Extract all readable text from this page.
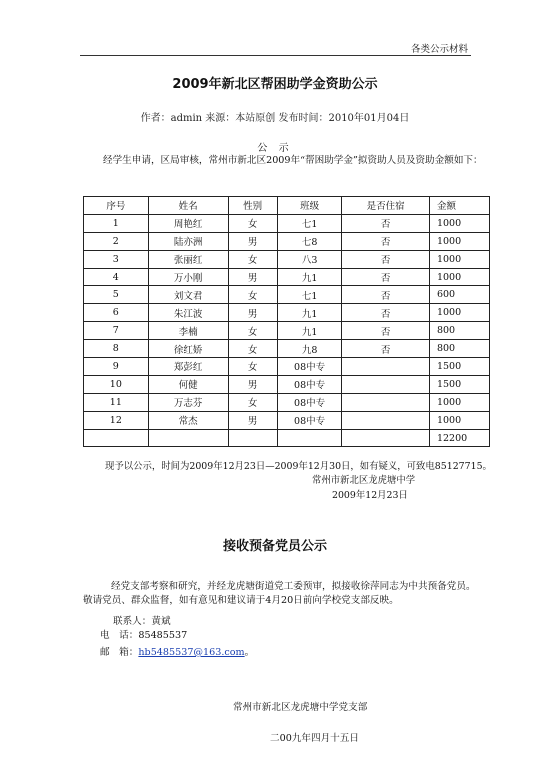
各类公示材料
2009年新北区帮困助学金资助公示
作者：admin 来源：本站原创 发布时间：2010年01月04日
公 示
经学生申请，区局审核，常州市新北区2009年“帮困助学金”拟资助人员及资助金额如下：
序号	姓名	性别	班级	是否住宿	金额
1	周艳红	女	七1	否	1000
2	陆亦洲	男	七8	否	1000
3	张丽红	女	八3	否	1000
4	万小刚	男	九1	否	1000
5	刘文君	女	七1	否	600
6	朱江波	男	九1	否	1000
7	李楠	女	九1	否	800
8	徐红娇	女	九8	否	800
9	郑彭红	女	08中专		1500
10	何健	男	08中专		1500
11	万志芬	女	08中专		1000
12	常杰	男	08中专		1000
					12200
现予以公示，时间为2009年12月23日—2009年12月30日，如有疑义，可致电85127715。
常州市新北区龙虎塘中学
2009年12月23日
接收预备党员公示
经党支部考察和研究，并经龙虎塘街道党工委预审，拟接收徐萍同志为中共预备党员。敬请党员、群众监督，如有意见和建议请于4月20日前向学校党支部反映。
联系人：黄斌
电　话：85485537
邮　箱：hb5485537@163.com。
常州市新北区龙虎塘中学党支部
二00九年四月十五日
